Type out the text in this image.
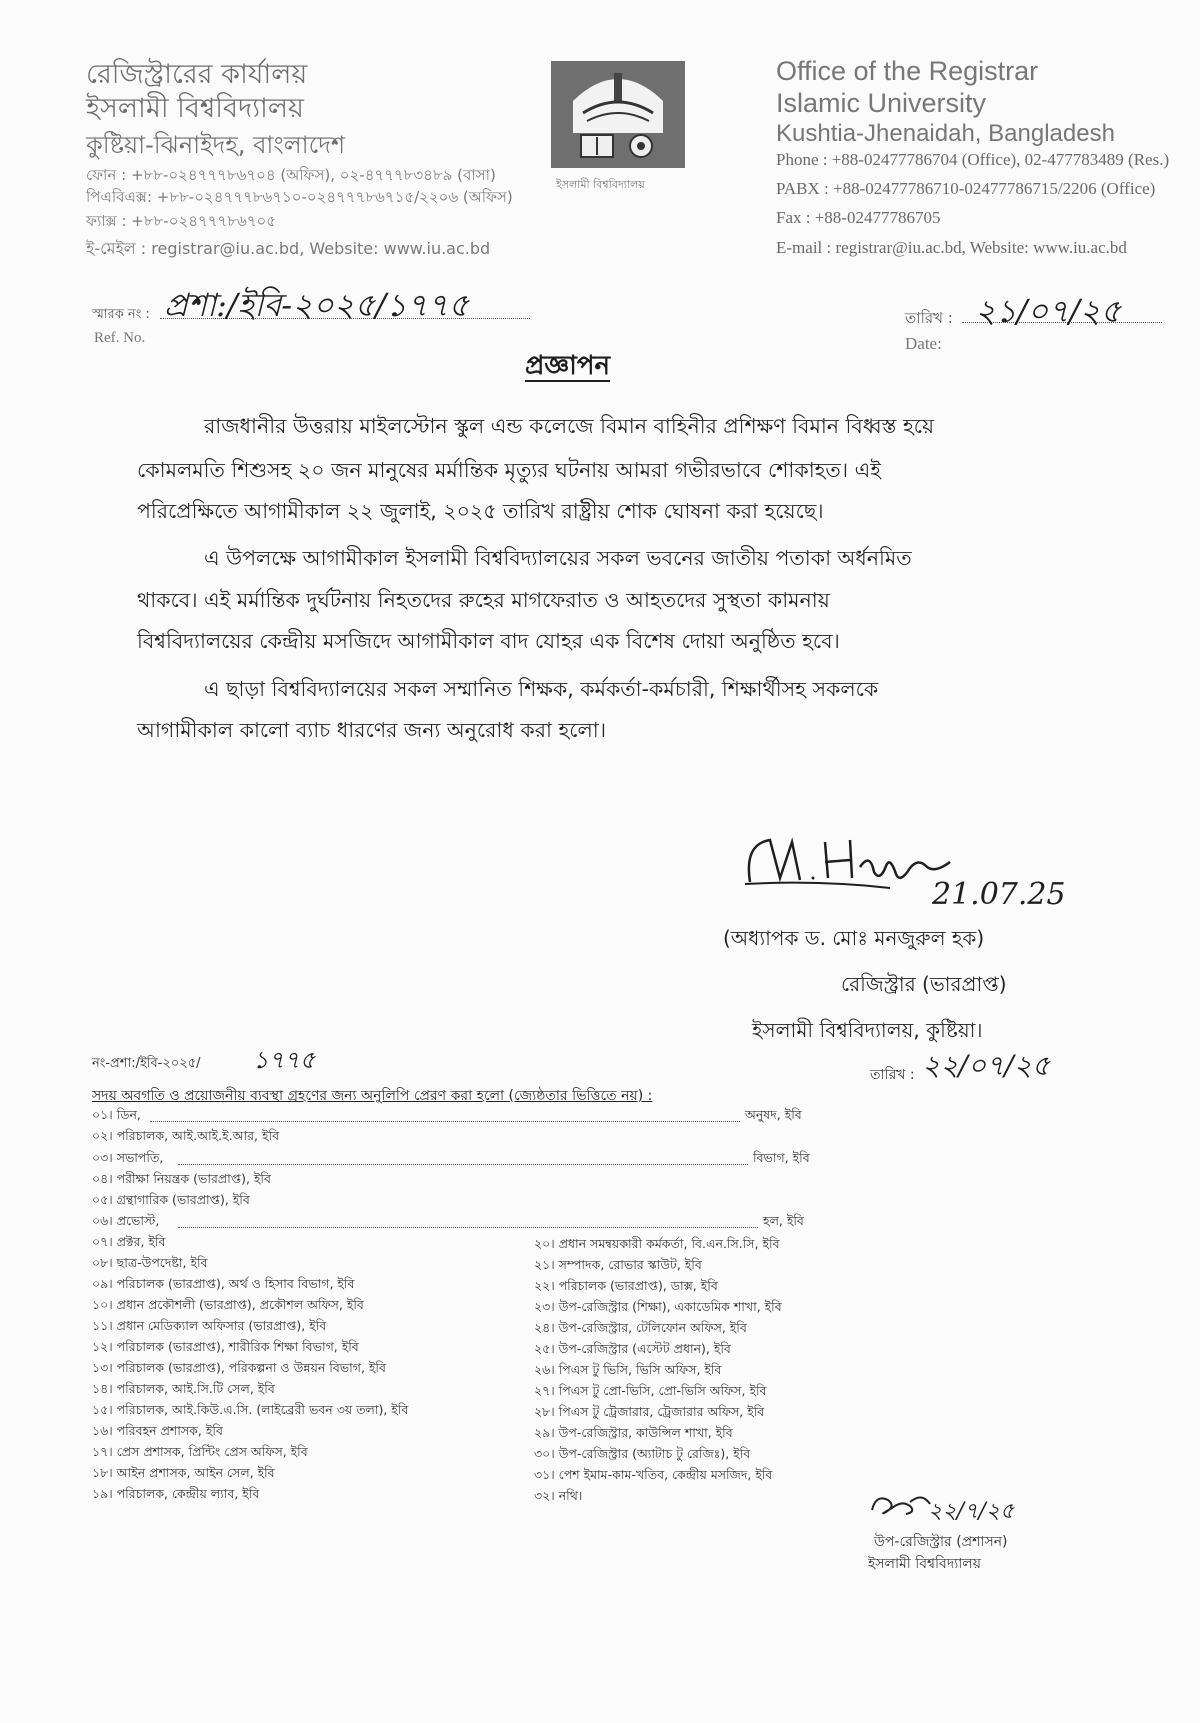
রেজিস্ট্রারের কার্যালয়
ইসলামী বিশ্ববিদ্যালয়
কুষ্টিয়া-ঝিনাইদহ, বাংলাদেশ
ফোন : +৮৮-০২৪৭৭৭৮৬৭০৪ (অফিস), ০২-৪৭৭৭৮৩৪৮৯ (বাসা)
পিএবিএক্স: +৮৮-০২৪৭৭৭৮৬৭১০-০২৪৭৭৭৮৬৭১৫/২২০৬ (অফিস)
ফ্যাক্স : +৮৮-০২৪৭৭৭৮৬৭০৫
ই-মেইল : registrar@iu.ac.bd, Website: www.iu.ac.bd
ইসলামী বিশ্ববিদ্যালয়
Office of the Registrar
Islamic University
Kushtia-Jhenaidah, Bangladesh
Phone : +88-02477786704 (Office), 02-477783489 (Res.)
PABX : +88-02477786710-02477786715/2206 (Office)
Fax : +88-02477786705
E-mail : registrar@iu.ac.bd, Website: www.iu.ac.bd
স্মারক নং :
Ref. No.
প্রশা:/ইবি-২০২৫/১৭৭৫	তারিখ :
Date:
২১/০৭/২৫
প্রজ্ঞাপন
রাজধানীর উত্তরায় মাইলস্টোন স্কুল এন্ড কলেজে বিমান বাহিনীর প্রশিক্ষণ বিমান বিধ্বস্ত হয়ে
কোমলমতি শিশুসহ ২০ জন মানুষের মর্মান্তিক মৃত্যুর ঘটনায় আমরা গভীরভাবে শোকাহত। এই
পরিপ্রেক্ষিতে আগামীকাল ২২ জুলাই, ২০২৫ তারিখ রাষ্ট্রীয় শোক ঘোষনা করা হয়েছে।
এ উপলক্ষে আগামীকাল ইসলামী বিশ্ববিদ্যালয়ের সকল ভবনের জাতীয় পতাকা অর্ধনমিত
থাকবে। এই মর্মান্তিক দুর্ঘটনায় নিহতদের রুহের মাগফেরাত ও আহতদের সুস্থতা কামনায়
বিশ্ববিদ্যালয়ের কেন্দ্রীয় মসজিদে আগামীকাল বাদ যোহর এক বিশেষ দোয়া অনুষ্ঠিত হবে।
এ ছাড়া বিশ্ববিদ্যালয়ের সকল সম্মানিত শিক্ষক, কর্মকর্তা-কর্মচারী, শিক্ষার্থীসহ সকলকে
আগামীকাল কালো ব্যাচ ধারণের জন্য অনুরোধ করা হলো।
21.07.25
(অধ্যাপক ড. মোঃ মনজুরুল হক)
রেজিস্ট্রার (ভারপ্রাপ্ত)
ইসলামী বিশ্ববিদ্যালয়, কুষ্টিয়া।
নং-প্রশা:/ইবি-২০২৫/ ১৭৭৫
তারিখ : ২২/০৭/২৫
সদয় অবগতি ও প্রয়োজনীয় ব্যবস্থা গ্রহণের জন্য অনুলিপি প্রেরণ করা হলো (জ্যেষ্ঠতার ভিত্তিতে নয়) :
০১। ডিন,	অনুষদ, ইবি
০২। পরিচালক, আই.আই.ই.আর, ইবি
০৩। সভাপতি,	বিভাগ, ইবি
০৪। পরীক্ষা নিয়ন্ত্রক (ভারপ্রাপ্ত), ইবি
০৫। গ্রন্থাগারিক (ভারপ্রাপ্ত), ইবি
০৬। প্রভোস্ট,	হল, ইবি
০৭। প্রক্টর, ইবি
০৮। ছাত্র-উপদেষ্টা, ইবি
০৯। পরিচালক (ভারপ্রাপ্ত), অর্থ ও হিসাব বিভাগ, ইবি
১০। প্রধান প্রকৌশলী (ভারপ্রাপ্ত), প্রকৌশল অফিস, ইবি
১১। প্রধান মেডিক্যাল অফিসার (ভারপ্রাপ্ত), ইবি
১২। পরিচালক (ভারপ্রাপ্ত), শারীরিক শিক্ষা বিভাগ, ইবি
১৩। পরিচালক (ভারপ্রাপ্ত), পরিকল্পনা ও উন্নয়ন বিভাগ, ইবি
১৪। পরিচালক, আই.সি.টি সেল, ইবি
১৫। পরিচালক, আই.কিউ.এ.সি. (লাইব্রেরী ভবন ৩য় তলা), ইবি
১৬। পরিবহন প্রশাসক, ইবি
১৭। প্রেস প্রশাসক, প্রিন্টিং প্রেস অফিস, ইবি
১৮। আইন প্রশাসক, আইন সেল, ইবি
১৯। পরিচালক, কেন্দ্রীয় ল্যাব, ইবি
২০। প্রধান সমন্বয়কারী কর্মকর্তা, বি.এন.সি.সি, ইবি
২১। সম্পাদক, রোভার স্কাউট, ইবি
২২। পরিচালক (ভারপ্রাপ্ত), ডাক্স, ইবি
২৩। উপ-রেজিস্ট্রার (শিক্ষা), একাডেমিক শাখা, ইবি
২৪। উপ-রেজিস্ট্রার, টেলিফোন অফিস, ইবি
২৫। উপ-রেজিস্ট্রার (এস্টেট প্রধান), ইবি
২৬। পিএস টু ভিসি, ভিসি অফিস, ইবি
২৭। পিএস টু প্রো-ভিসি, প্রো-ভিসি অফিস, ইবি
২৮। পিএস টু ট্রেজারার, ট্রেজারার অফিস, ইবি
২৯। উপ-রেজিস্ট্রার, কাউন্সিল শাখা, ইবি
৩০। উপ-রেজিস্ট্রার (অ্যাটাচ টু রেজিঃ), ইবি
৩১। পেশ ইমাম-কাম-খতিব, কেন্দ্রীয় মসজিদ, ইবি
৩২। নথি।
২২/৭/২৫
উপ-রেজিস্ট্রার (প্রশাসন)
ইসলামী বিশ্ববিদ্যালয়
